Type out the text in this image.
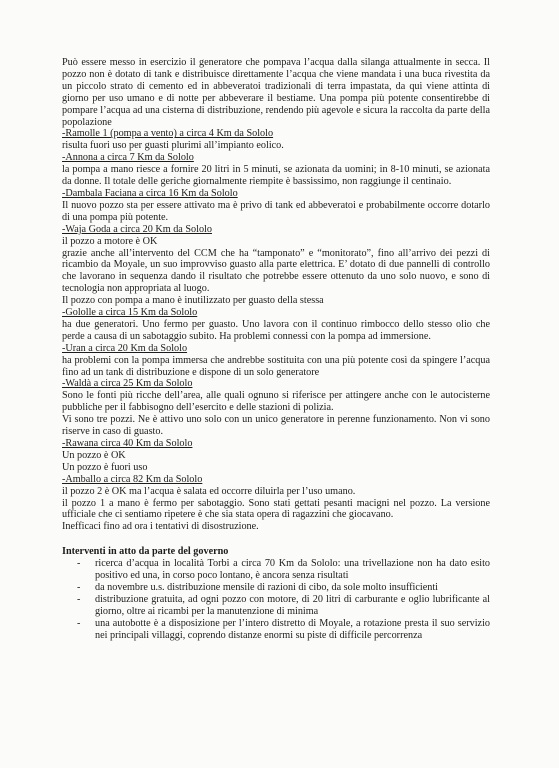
Può essere messo in esercizio il generatore che pompava l’acqua dalla silanga attualmente in secca. Il pozzo non è dotato di tank e distribuisce direttamente l’acqua che viene mandata i una buca rivestita da un piccolo strato di cemento ed in abbeveratoi tradizionali di terra impastata, da qui viene attinta di giorno per uso umano e di notte per abbeverare il bestiame. Una pompa più potente consentirebbe di pompare l’acqua ad una cisterna di distribuzione, rendendo più agevole e sicura la raccolta da parte della popolazione

-Ramolle 1 (pompa a vento) a circa 4 Km da Sololo

risulta fuori uso per guasti plurimi all’impianto eolico.

-Annona a circa 7 Km da Sololo

la pompa a mano riesce a fornire 20 litri in 5 minuti, se azionata da uomini; in 8-10 minuti, se azionata da donne. Il totale delle geriche giornalmente riempite è bassissimo, non raggiunge il centinaio.

-Dambala Faciana a circa 16 Km da Sololo

Il nuovo pozzo sta per essere attivato ma è privo di tank ed abbeveratoi e probabilmente occorre dotarlo di una pompa più potente.

-Waja Goda a circa 20 Km da Sololo

il pozzo a motore è OK

grazie anche all’intervento del CCM che ha “tamponato” e “monitorato”, fino all’arrivo dei pezzi di ricambio da Moyale, un suo improvviso guasto alla parte elettrica. E’ dotato di due pannelli di controllo che lavorano in sequenza dando il risultato che potrebbe essere ottenuto da uno solo nuovo, e sono di tecnologia non appropriata al luogo.

Il pozzo con pompa a mano è inutilizzato per guasto della stessa

-Gololle a circa 15 Km da Sololo

ha due generatori. Uno fermo per guasto. Uno lavora con il continuo rimbocco dello stesso olio che perde a causa di un sabotaggio subito. Ha problemi connessi con la pompa ad immersione.

-Uran a circa 20 Km da Sololo

ha problemi con la pompa immersa che andrebbe sostituita con una più potente così da spingere l’acqua fino ad un tank di distribuzione e dispone di un solo generatore

-Waldà a circa 25 Km da Sololo

Sono le fonti più ricche dell’area, alle quali ognuno si riferisce per attingere anche con le autocisterne pubbliche per il fabbisogno dell’esercito e delle stazioni di polizia.

Vi sono tre pozzi. Ne è attivo uno solo con un unico generatore in perenne funzionamento. Non vi sono riserve in caso di guasto.

-Rawana circa 40 Km da Sololo

Un pozzo è OK

Un pozzo è fuori uso

-Amballo a circa 82 Km da Sololo

il pozzo 2 è OK ma l’acqua è salata ed occorre diluirla per l’uso umano.

il pozzo 1 a mano è fermo per sabotaggio. Sono stati gettati pesanti macigni nel pozzo. La versione ufficiale che ci sentiamo ripetere è che sia stata opera di ragazzini che giocavano.

Inefficaci fino ad ora i tentativi di disostruzione.

Interventi in atto da parte del governo

- ricerca d’acqua in località Torbi a circa 70 Km da Sololo: una trivellazione non ha dato esito positivo ed una, in corso poco lontano, è ancora senza risultati
- da novembre u.s. distribuzione mensile di razioni di cibo, da sole molto insufficienti
- distribuzione gratuita, ad ogni pozzo con motore, di 20 litri di carburante e oglio lubrificante al giorno, oltre ai ricambi per la manutenzione di minima
- una autobotte è a disposizione per l’intero distretto di Moyale, a rotazione presta il suo servizio nei principali villaggi, coprendo distanze enormi su piste di difficile percorrenza
